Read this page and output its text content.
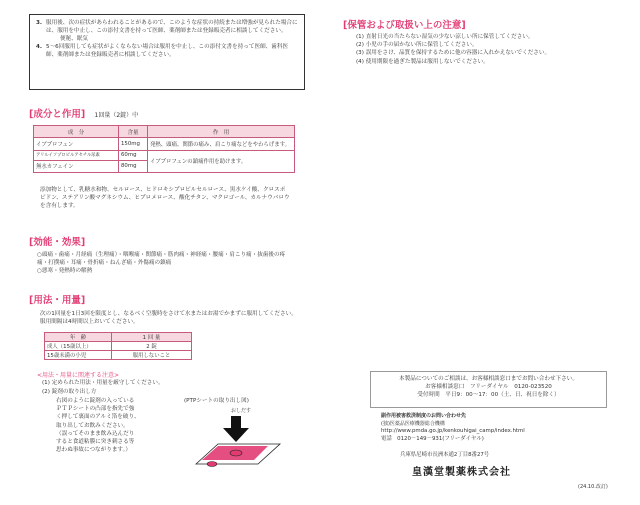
3. 服用後、次の症状があらわれることがあるので、このような症状の持続または増強が見られた場合には、服用を中止し、この添付文書を持って医師、薬剤師または登録販売者に相談してください。
便秘、眠気
4. 5～6回服用しても症状がよくならない場合は服用を中止し、この添付文書を持って医師、歯科医師、薬剤師または登録販売者に相談してください。
[成分と作用] 1回量（2錠）中
成　分	含量	作　用
イブプロフェン	150mg	発熱、頭痛、関節の痛み、肩こり痛などをやわらげます。
アリルイソプロピルアセチル尿素	60mg	イブプロフェンの鎮痛作用を助けます。
無水カフェイン	80mg	
添加物として、乳糖水和物、セルロース、ヒドロキシプロピルセルロース、黒水ケイ酸、クロスポビドン、ステアリン酸マグネシウム、ヒプロメロース、酸化チタン、マクロゴール、カルナウバロウを含有します。
[効能・効果]
○頭痛・歯痛・月経痛（生理痛）・咽喉痛・関節痛・筋肉痛・神経痛・腰痛・肩こり痛・抜歯後の疼痛・打撲痛・耳痛・骨折痛・ねんざ痛・外傷痛の鎮痛
○悪寒・発熱時の解熱
[用法・用量]
次の1回量を1日3回を限度とし、なるべく空腹時をさけて水またはお湯でかまずに服用してください。服用間隔は4時間以上おいてください。
年　齢	1 回 量
成人（15歳以上）	2 錠
15歳未満の小児	服用しないこと
<用法・用量に関連する注意>
(1) 定められた用法・用量を厳守してください。
(2) 錠剤の取り出し方
右図のように錠剤の入っている
ＰＴＰシートの凸部を指先で強
く押して裏面のアルミ箔を破り、
取り出してお飲みください。
（誤ってそのまま飲み込んだり
すると食道粘膜に突き刺さる等
思わぬ事故につながります。）
(PTPシートの取り出し図)
おしだす
[保管および取扱い上の注意]
(1) 直射日光の当たらない湿気の少ない涼しい所に保管してください。
(2) 小児の手の届かない所に保管してください。
(3) 誤用をさけ、品質を保持するために他の容器に入れかえないでください。
(4) 使用期限を過ぎた製品は服用しないでください。
本製品についてのご相談は、お客様相談窓口までお問い合わせ下さい。
お客様相談窓口　フリーダイヤル　0120-023520
受付時間　平日9：00～17：00（土、日、祝日を除く）
副作用被害救済制度のお問い合わせ先
(独)医薬品医療機器総合機構
http://www.pmda.go.jp/kenkouhigai_camp/index.html
電話　0120－149－931(フリーダイヤル)
兵庫県尼崎市長洲本通2丁目8番27号
皇漢堂製薬株式会社
(24.10.改訂)
